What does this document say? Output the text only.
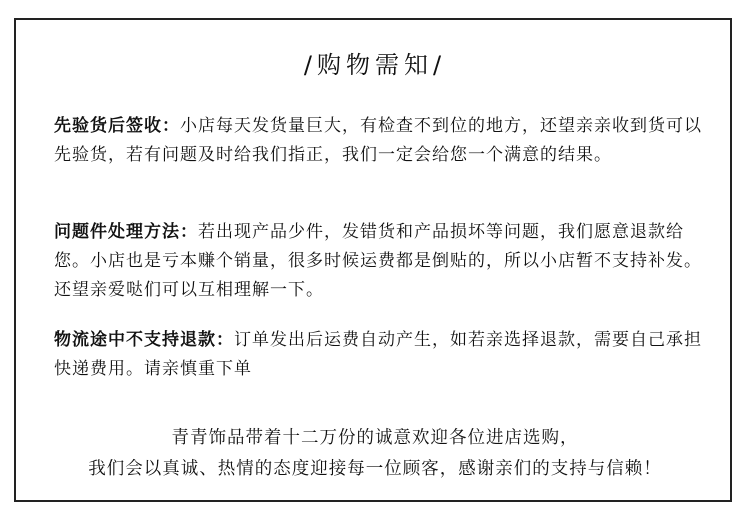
/购物需知/
先验货后签收：小店每天发货量巨大，有检查不到位的地方，还望亲亲收到货可以先验货，若有问题及时给我们指正，我们一定会给您一个满意的结果。
问题件处理方法：若出现产品少件，发错货和产品损坏等问题，我们愿意退款给您。小店也是亏本赚个销量，很多时候运费都是倒贴的，所以小店暂不支持补发。还望亲爱哒们可以互相理解一下。
物流途中不支持退款：订单发出后运费自动产生，如若亲选择退款，需要自己承担快递费用。请亲慎重下单
青青饰品带着十二万份的诚意欢迎各位进店选购，
我们会以真诚、热情的态度迎接每一位顾客，感谢亲们的支持与信赖！
